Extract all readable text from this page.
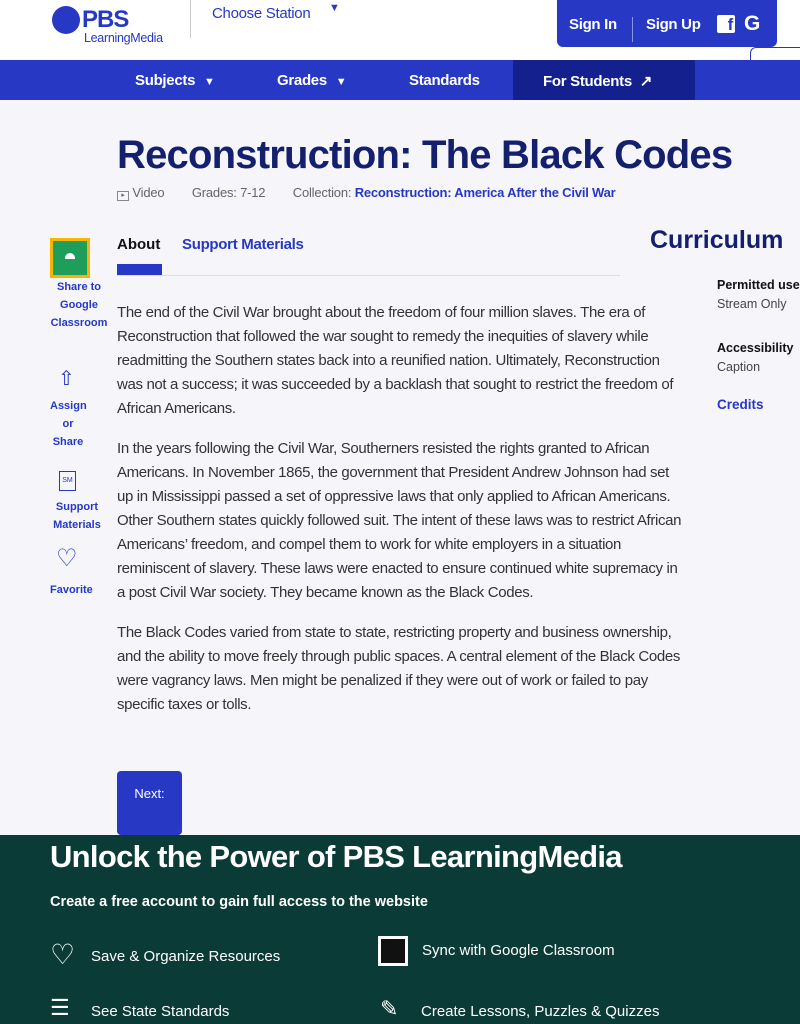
PBS
LearningMedia
Choose Station ▼
Sign In Sign Up	f G
Subjects ▼	Grades ▼	Standards	For Students ↗
Reconstruction: The Black Codes
▸ Video Grades: 7-12 Collection: Reconstruction: America After the Civil War
Share to Google Classroom
⇧
Assign or Share
SM
Support Materials
♡
Favorite
About Support Materials

The end of the Civil War brought about the freedom of four million slaves. The era of Reconstruction that followed the war sought to remedy the inequities of slavery while readmitting the Southern states back into a reunified nation. Ultimately, Reconstruction was not a success; it was succeeded by a backlash that sought to restrict the freedom of African Americans.

In the years following the Civil War, Southerners resisted the rights granted to African Americans. In November 1865, the government that President Andrew Johnson had set up in Mississippi passed a set of oppressive laws that only applied to African Americans. Other Southern states quickly followed suit. The intent of these laws was to restrict African Americans’ freedom, and compel them to work for white employers in a situation reminiscent of slavery. These laws were enacted to ensure continued white supremacy in a post Civil War society. They became known as the Black Codes.

The Black Codes varied from state to state, restricting property and business ownership, and the ability to move freely through public spaces. A central element of the Black Codes were vagrancy laws. Men might be penalized if they were out of work or failed to pay specific taxes or tolls.

Curriculum
Permitted use
Stream Only
Accessibility
Caption
Credits
Next:
Unlock the Power of PBS LearningMedia
Create a free account to gain full access to the website
♡ Save & Organize Resources	Sync with Google Classroom
☰ See State Standards	✎ Create Lessons, Puzzles & Quizzes
